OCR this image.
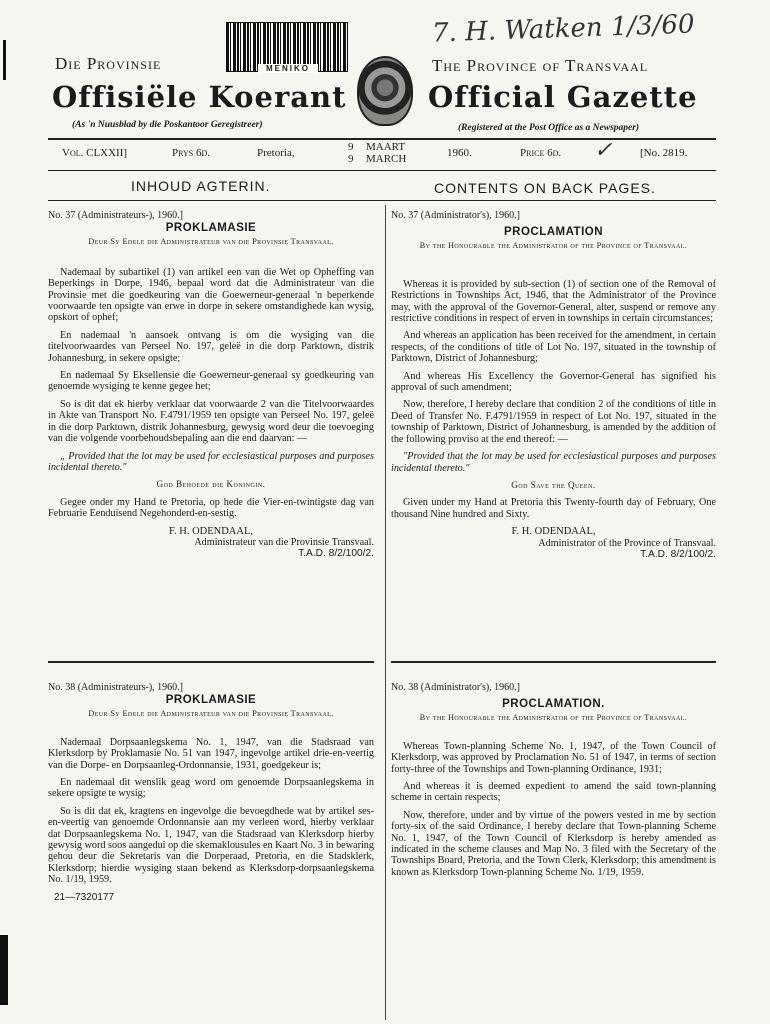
Die Provinsie
Offisiële Koerant
(As 'n Nuusblad by die Poskantoor Geregistreer)
MENIKO
7. H. Watken 1/3/60
The Province of Transvaal
Official Gazette
(Registered at the Post Office as a Newspaper)
Vol. CLXXII]	Prys 6d.	Pretoria,	9 MAART
9 MARCH	1960.	Price 6d. ✓	[No. 2819.
INHOUD AGTERIN.	CONTENTS ON BACK PAGES.
No. 37 (Administrateurs-), 1960.]
PROKLAMASIE
Deur Sy Edele die Administrateur van die Provinsie Transvaal.

Nademaal by subartikel (1) van artikel een van die Wet op Opheffing van Beperkings in Dorpe, 1946, bepaal word dat die Administrateur van die Provinsie met die goedkeuring van die Goewerneur-generaal 'n beperkende voorwaarde ten opsigte van erwe in dorpe in sekere omstandighede kan wysig, opskort of ophef;

En nademaal 'n aansoek ontvang is om die wysiging van die titelvoorwaardes van Perseel No. 197, geleë in die dorp Parktown, distrik Johannesburg, in sekere opsigte;

En nademaal Sy Eksellensie die Goewerneur-generaal sy goedkeuring van genoemde wysiging te kenne gegee het;

So is dit dat ek hierby verklaar dat voorwaarde 2 van die Titelvoorwaardes in Akte van Transport No. F.4791/1959 ten opsigte van Perseel No. 197, geleë in die dorp Parktown, distrik Johannesburg, gewysig word deur die toevoeging van die volgende voorbehoudsbepaling aan die end daarvan: —

„ Provided that the lot may be used for ecclesiastical purposes and purposes incidental thereto."

God Behoede die Koningin.

Gegee onder my Hand te Pretoria, op hede die Vier-en-twintigste dag van Februarie Eenduisend Negehonderd-en-sestig.

F. H. ODENDAAL,
Administrateur van die Provinsie Transvaal.
T.A.D. 8/2/100/2.
No. 37 (Administrator's), 1960.]
PROCLAMATION
By the Honourable the Administrator of the Province of Transvaal.

Whereas it is provided by sub-section (1) of section one of the Removal of Restrictions in Townships Act, 1946, that the Administrator of the Province may, with the approval of the Governor-General, alter, suspend or remove any restrictive conditions in respect of erven in townships in certain circumstances;

And whereas an application has been received for the amendment, in certain respects, of the conditions of title of Lot No. 197, situated in the township of Parktown, District of Johannesburg;

And whereas His Excellency the Governor-General has signified his approval of such amendment;

Now, therefore, I hereby declare that condition 2 of the conditions of title in Deed of Transfer No. F.4791/1959 in respect of Lot No. 197, situated in the township of Parktown, District of Johannesburg, is amended by the addition of the following proviso at the end thereof: —

"Provided that the lot may be used for ecclesiastical purposes and purposes incidental thereto."

God Save the Queen.

Given under my Hand at Pretoria this Twenty-fourth day of February, One thousand Nine hundred and Sixty.

F. H. ODENDAAL,
Administrator of the Province of Transvaal.
T.A.D. 8/2/100/2.
No. 38 (Administrateurs-), 1960.]
PROKLAMASIE
Deur Sy Edele die Administrateur van die Provinsie Transvaal.

Nademaal Dorpsaanlegskema No. 1, 1947, van die Stadsraad van Klerksdorp by Proklamasie No. 51 van 1947, ingevolge artikel drie-en-veertig van die Dorpe- en Dorpsaanleg-Ordonnansie, 1931, goedgekeur is;

En nademaal dit wenslik geag word om genoemde Dorpsaanlegskema in sekere opsigte te wysig;

So is dit dat ek, kragtens en ingevolge die bevoegdhede wat by artikel ses-en-veertig van genoemde Ordonnansie aan my verleen word, hierby verklaar dat Dorpsaanlegskema No. 1, 1947, van die Stadsraad van Klerksdorp hierby gewysig word soos aangedui op die skemaklousules en Kaart No. 3 in bewaring gehou deur die Sekretaris van die Dorperaad, Pretoria, en die Stadsklerk, Klerksdorp; hierdie wysiging staan bekend as Klerksdorp-dorpsaanlegskema No. 1/19, 1959.

21—7320177
No. 38 (Administrator's), 1960.]
PROCLAMATION.
By the Honourable the Administrator of the Province of Transvaal.

Whereas Town-planning Scheme No. 1, 1947, of the Town Council of Klerksdorp, was approved by Proclamation No. 51 of 1947, in terms of section forty-three of the Townships and Town-planning Ordinance, 1931;

And whereas it is deemed expedient to amend the said town-planning scheme in certain respects;

Now, therefore, under and by virtue of the powers vested in me by section forty-six of the said Ordinance, I hereby declare that Town-planning Scheme No. 1, 1947, of the Town Council of Klerksdorp is hereby amended as indicated in the scheme clauses and Map No. 3 filed with the Secretary of the Townships Board, Pretoria, and the Town Clerk, Klerksdorp; this amendment is known as Klerksdorp Town-planning Scheme No. 1/19, 1959.
